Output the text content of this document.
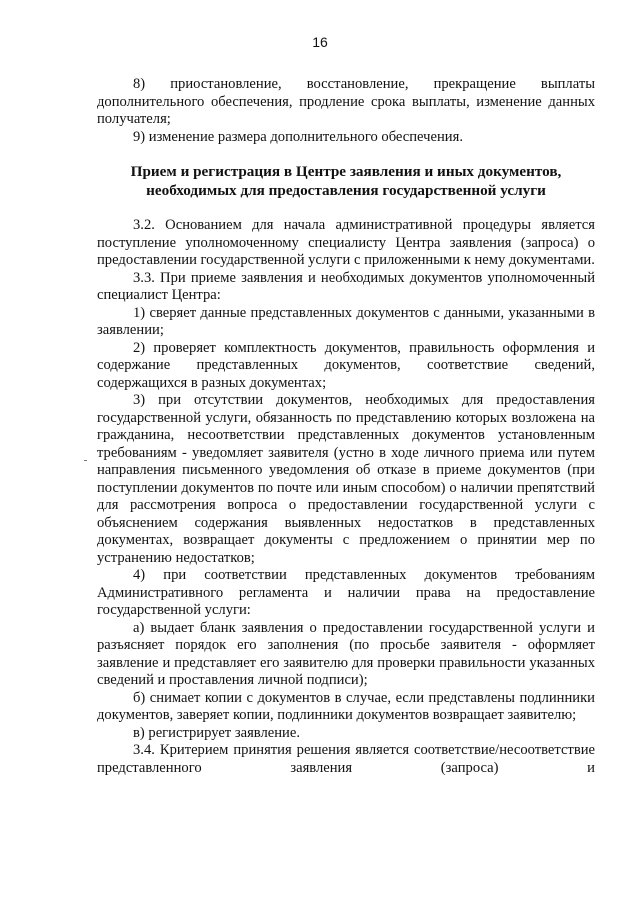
16

8) приостановление, восстановление, прекращение выплаты дополнительного обеспечения, продление срока выплаты, изменение данных получателя;

9) изменение размера дополнительного обеспечения.

Прием и регистрация в Центре заявления и иных документов,
необходимых для предоставления государственной услуги

3.2. Основанием для начала административной процедуры является поступление уполномоченному специалисту Центра заявления (запроса) о предоставлении государственной услуги с приложенными к нему документами.

3.3. При приеме заявления и необходимых документов уполномоченный специалист Центра:

1) сверяет данные представленных документов с данными, указанными в заявлении;

2) проверяет комплектность документов, правильность оформления и содержание представленных документов, соответствие сведений, содержащихся в разных документах;

3) при отсутствии документов, необходимых для предоставления государственной услуги, обязанность по представлению которых возложена на гражданина, несоответствии представленных документов установленным требованиям - уведомляет заявителя (устно в ходе личного приема или путем направления письменного уведомления об отказе в приеме документов (при поступлении документов по почте или иным способом) о наличии препятствий для рассмотрения вопроса о предоставлении государственной услуги с объяснением содержания выявленных недостатков в представленных документах, возвращает документы с предложением о принятии мер по устранению недостатков;

4) при соответствии представленных документов требованиям Административного регламента и наличии права на предоставление государственной услуги:

а) выдает бланк заявления о предоставлении государственной услуги и разъясняет порядок его заполнения (по просьбе заявителя - оформляет заявление и представляет его заявителю для проверки правильности указанных сведений и проставления личной подписи);

б) снимает копии с документов в случае, если представлены подлинники документов, заверяет копии, подлинники документов возвращает заявителю;

в) регистрирует заявление.

3.4. Критерием принятия решения является соответствие/несоответствие представленного заявления (запроса) и
